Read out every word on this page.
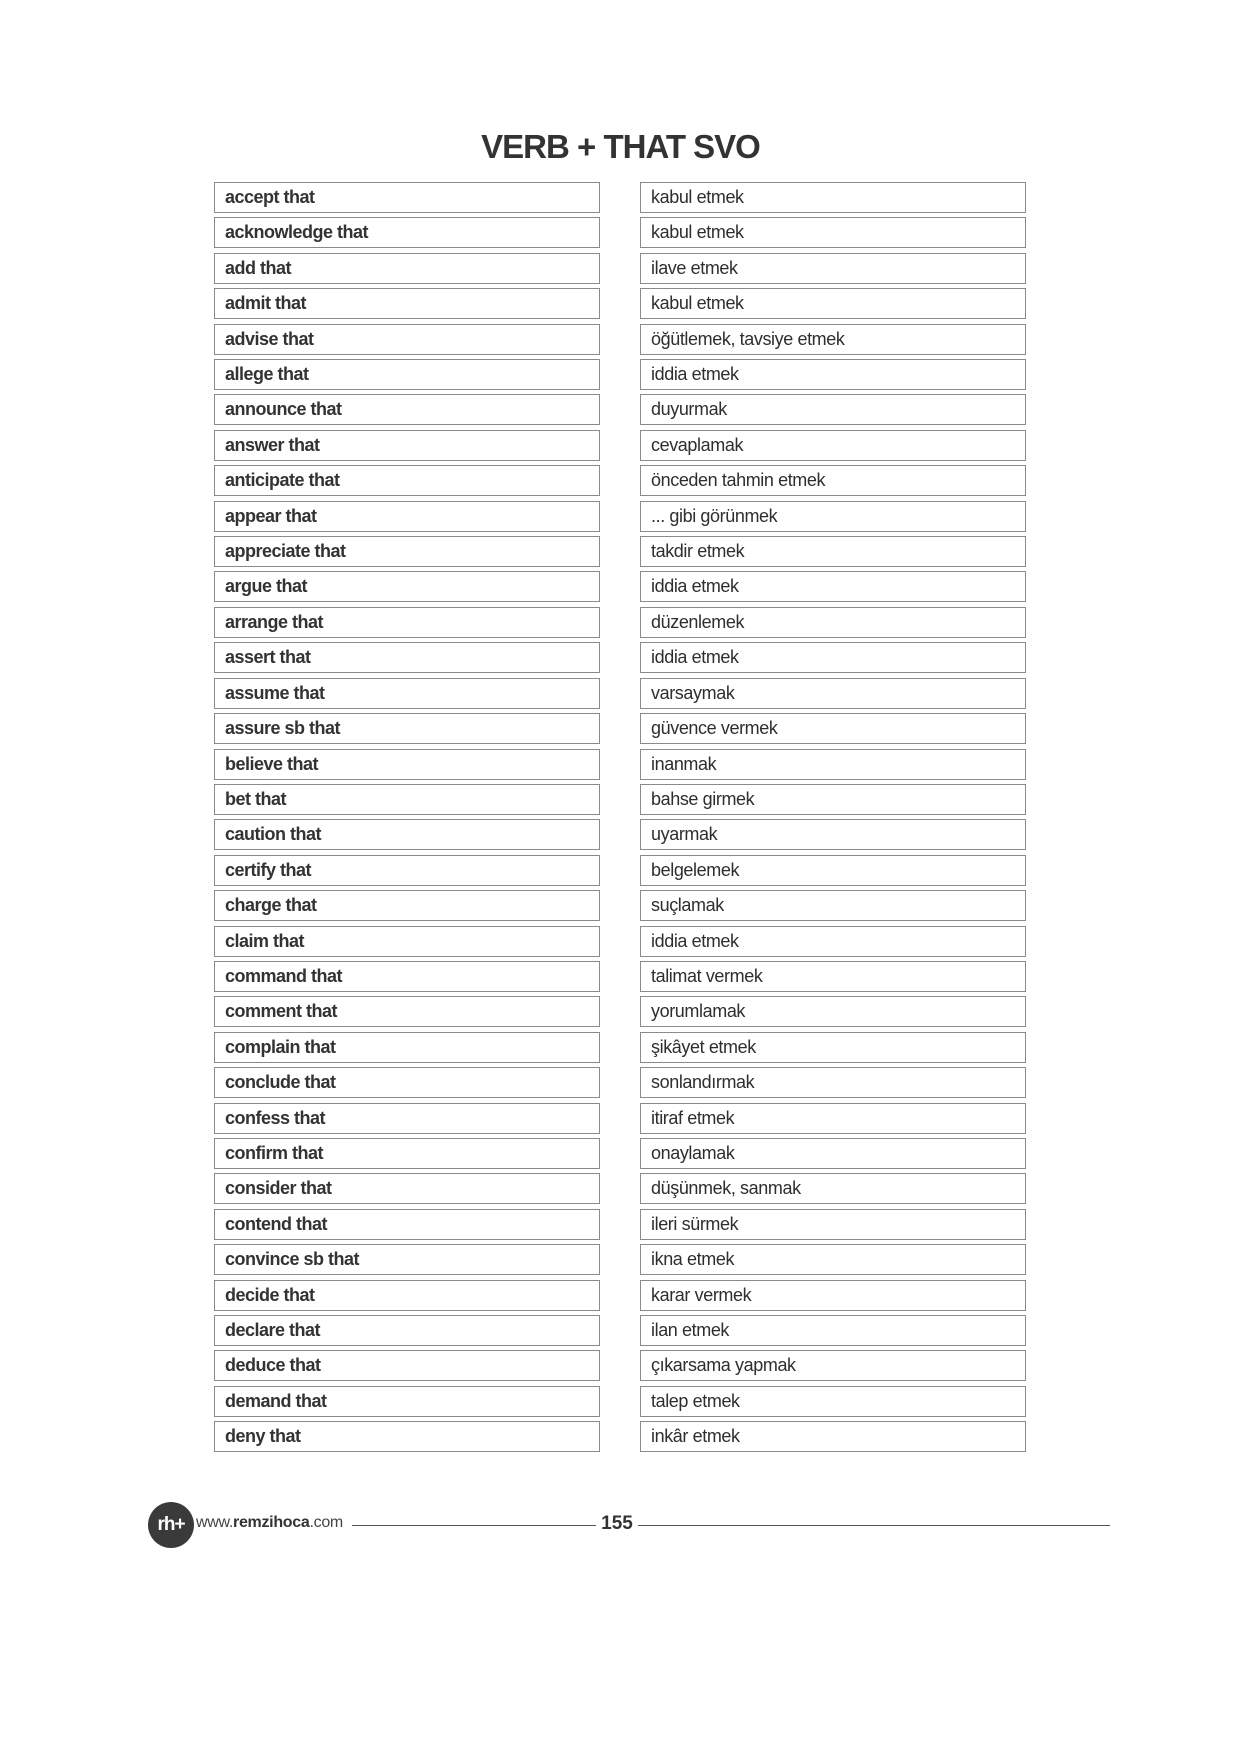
VERB + THAT SVO
accept that
acknowledge that
add that
admit that
advise that
allege that
announce that
answer that
anticipate that
appear that
appreciate that
argue that
arrange that
assert that
assume that
assure sb that
believe that
bet that
caution that
certify that
charge that
claim that
command that
comment that
complain that
conclude that
confess that
confirm that
consider that
contend that
convince sb that
decide that
declare that
deduce that
demand that
deny that
kabul etmek
kabul etmek
ilave etmek
kabul etmek
öğütlemek, tavsiye etmek
iddia etmek
duyurmak
cevaplamak
önceden tahmin etmek
... gibi görünmek
takdir etmek
iddia etmek
düzenlemek
iddia etmek
varsaymak
güvence vermek
inanmak
bahse girmek
uyarmak
belgelemek
suçlamak
iddia etmek
talimat vermek
yorumlamak
şikâyet etmek
sonlandırmak
itiraf etmek
onaylamak
düşünmek, sanmak
ileri sürmek
ikna etmek
karar vermek
ilan etmek
çıkarsama yapmak
talep etmek
inkâr etmek
rh+ www.remzihoca.com	155
